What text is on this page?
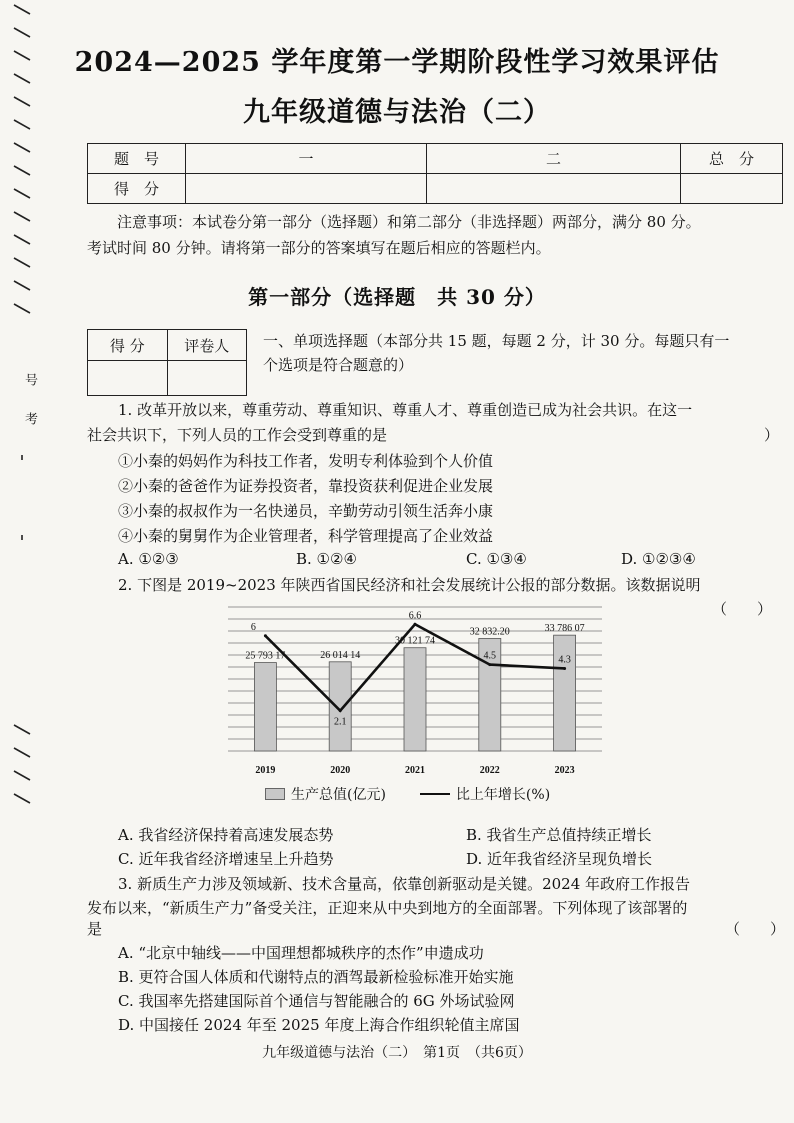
号
考
2024—2025 学年度第一学期阶段性学习效果评估
九年级道德与法治（二）
题　号	一	二	总　分
得　分			
注意事项：本试卷分第一部分（选择题）和第二部分（非选择题）两部分，满分 80 分。
考试时间 80 分钟。请将第一部分的答案填写在题后相应的答题栏内。
第一部分（选择题　共 30 分）
得 分	评卷人
	一、单项选择题（本部分共 15 题，每题 2 分，计 30 分。每题只有一
个选项是符合题意的）
1. 改革开放以来，尊重劳动、尊重知识、尊重人才、尊重创造已成为社会共识。在这一
社会共识下，下列人员的工作会受到尊重的是	）
①小秦的妈妈作为科技工作者，发明专利体验到个人价值
②小秦的爸爸作为证券投资者，靠投资获利促进企业发展
③小秦的叔叔作为一名快递员，辛勤劳动引领生活奔小康
④小秦的舅舅作为企业管理者，科学管理提高了企业效益
A. ①②③	B. ①②④	C. ①③④	D. ①②③④
2. 下图是 2019~2023 年陕西省国民经济和社会发展统计公报的部分数据。该数据说明
（　　）
25 793 17
2019
26 014 14
2020
30 121 74
2021
32 832.20
2022
33 786 07
2023
6
2.1
6.6
4.5	4.3
生产总值(亿元)	比上年增长(%)
A. 我省经济保持着高速发展态势	B. 我省生产总值持续正增长
C. 近年我省经济增速呈上升趋势	D. 近年我省经济呈现负增长
3. 新质生产力涉及领域新、技术含量高，依靠创新驱动是关键。2024 年政府工作报告
发布以来，“新质生产力”备受关注，正迎来从中央到地方的全面部署。下列体现了该部署的
是	（　　）
A. “北京中轴线——中国理想都城秩序的杰作”申遗成功
B. 更符合国人体质和代谢特点的酒驾最新检验标准开始实施
C. 我国率先搭建国际首个通信与智能融合的 6G 外场试验网
D. 中国接任 2024 年至 2025 年度上海合作组织轮值主席国
九年级道德与法治（二）　第1页　（共6页）
